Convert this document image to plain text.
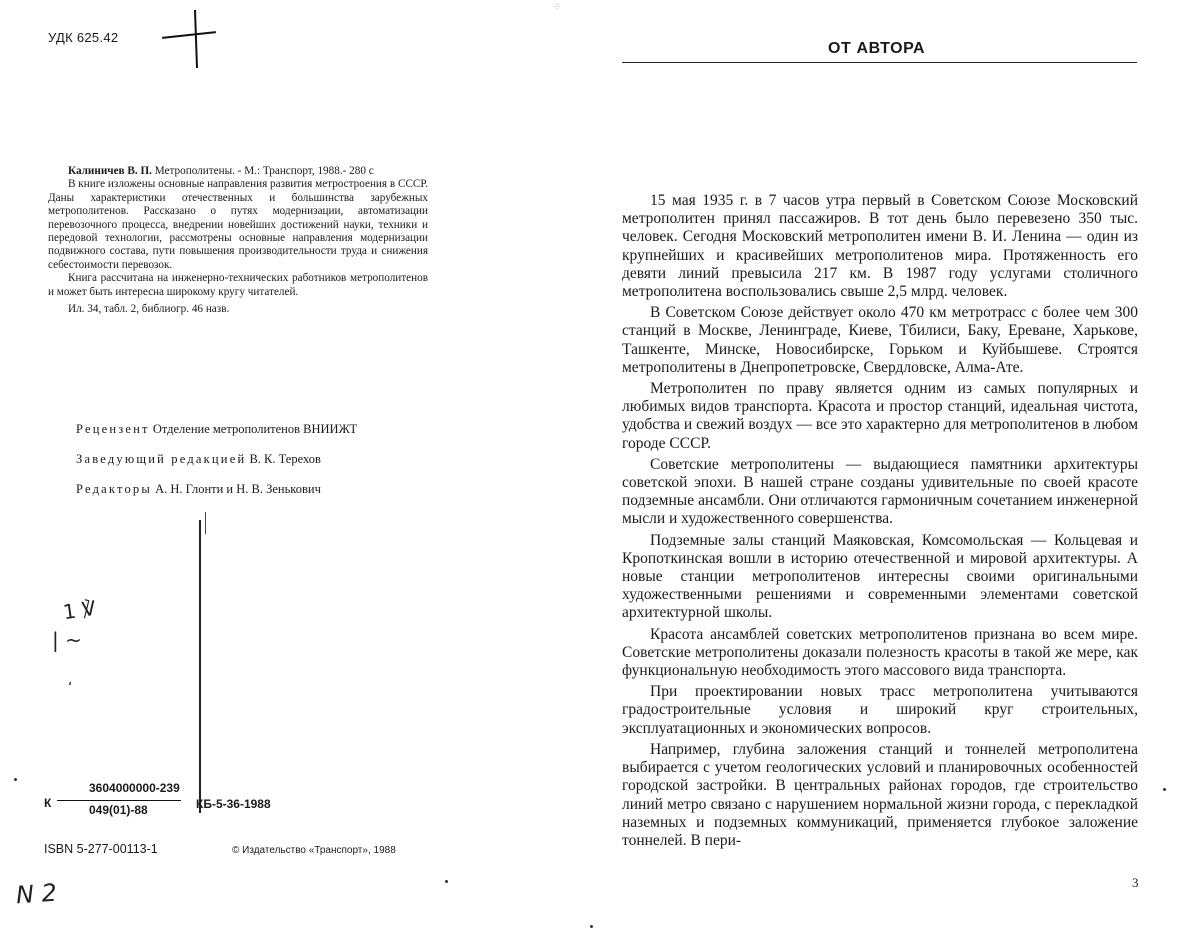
УДК 625.42

Калиничев В. П. Метрополитены. - М.: Транспорт, 1988.- 280 с

В книге изложены основные направления развития метростроения в СССР. Даны характеристики отечественных и большинства зарубежных метрополитенов. Рассказано о путях модернизации, автоматизации перевозочного процесса, внедрении новейших достижений науки, техники и передовой технологии, рассмотрены основные направления модернизации подвижного состава, пути повышения производительности труда и снижения себестоимости перевозок.

Книга рассчитана на инженерно-технических работников метрополитенов и может быть интересна широкому кругу читателей.

Ил. 34, табл. 2, библиогр. 46 назв.

Рецензент Отделение метрополитенов ВНИИЖТ
Заведующий редакцией В. К. Терехов
Редакторы А. Н. Глонти и Н. В. Зенькович
1 ℣
| ~
ʻ
N 2
К
3604000000-239
049(01)-88	КБ-5-36-1988
ISBN 5-277-00113-1	© Издательство «Транспорт», 1988
⁘
ОТ АВТОРА

15 мая 1935 г. в 7 часов утра первый в Советском Союзе Московский метрополитен принял пассажиров. В тот день было перевезено 350 тыс. человек. Сегодня Московский метрополитен имени В. И. Ленина — один из крупнейших и красивейших метрополитенов мира. Протяженность его девяти линий превысила 217 км. В 1987 году услугами столичного метрополитена воспользовались свыше 2,5 млрд. человек.

В Советском Союзе действует около 470 км метротрасс с более чем 300 станций в Москве, Ленинграде, Киеве, Тбилиси, Баку, Ереване, Харькове, Ташкенте, Минске, Новосибирске, Горьком и Куйбышеве. Строятся метрополитены в Днепропетровске, Свердловске, Алма-Ате.

Метрополитен по праву является одним из самых популярных и любимых видов транспорта. Красота и простор станций, идеальная чистота, удобства и свежий воздух — все это характерно для метрополитенов в любом городе СССР.

Советские метрополитены — выдающиеся памятники архитектуры советской эпохи. В нашей стране созданы удивительные по своей красоте подземные ансамбли. Они отличаются гармоничным сочетанием инженерной мысли и художественного совершенства.

Подземные залы станций Маяковская, Комсомольская — Кольцевая и Кропоткинская вошли в историю отечественной и мировой архитектуры. А новые станции метрополитенов интересны своими оригинальными художественными решениями и современными элементами советской архитектурной школы.

Красота ансамблей советских метрополитенов признана во всем мире. Советские метрополитены доказали полезность красоты в такой же мере, как функциональную необходимость этого массового вида транспорта.

При проектировании новых трасс метрополитена учитываются градостроительные условия и широкий круг строительных, эксплуатационных и экономических вопросов.

Например, глубина заложения станций и тоннелей метрополитена выбирается с учетом геологических условий и планировочных особенностей городской застройки. В центральных районах городов, где строительство линий метро связано с нарушением нормальной жизни города, с перекладкой наземных и подземных коммуникаций, применяется глубокое заложение тоннелей. В пери-

3
